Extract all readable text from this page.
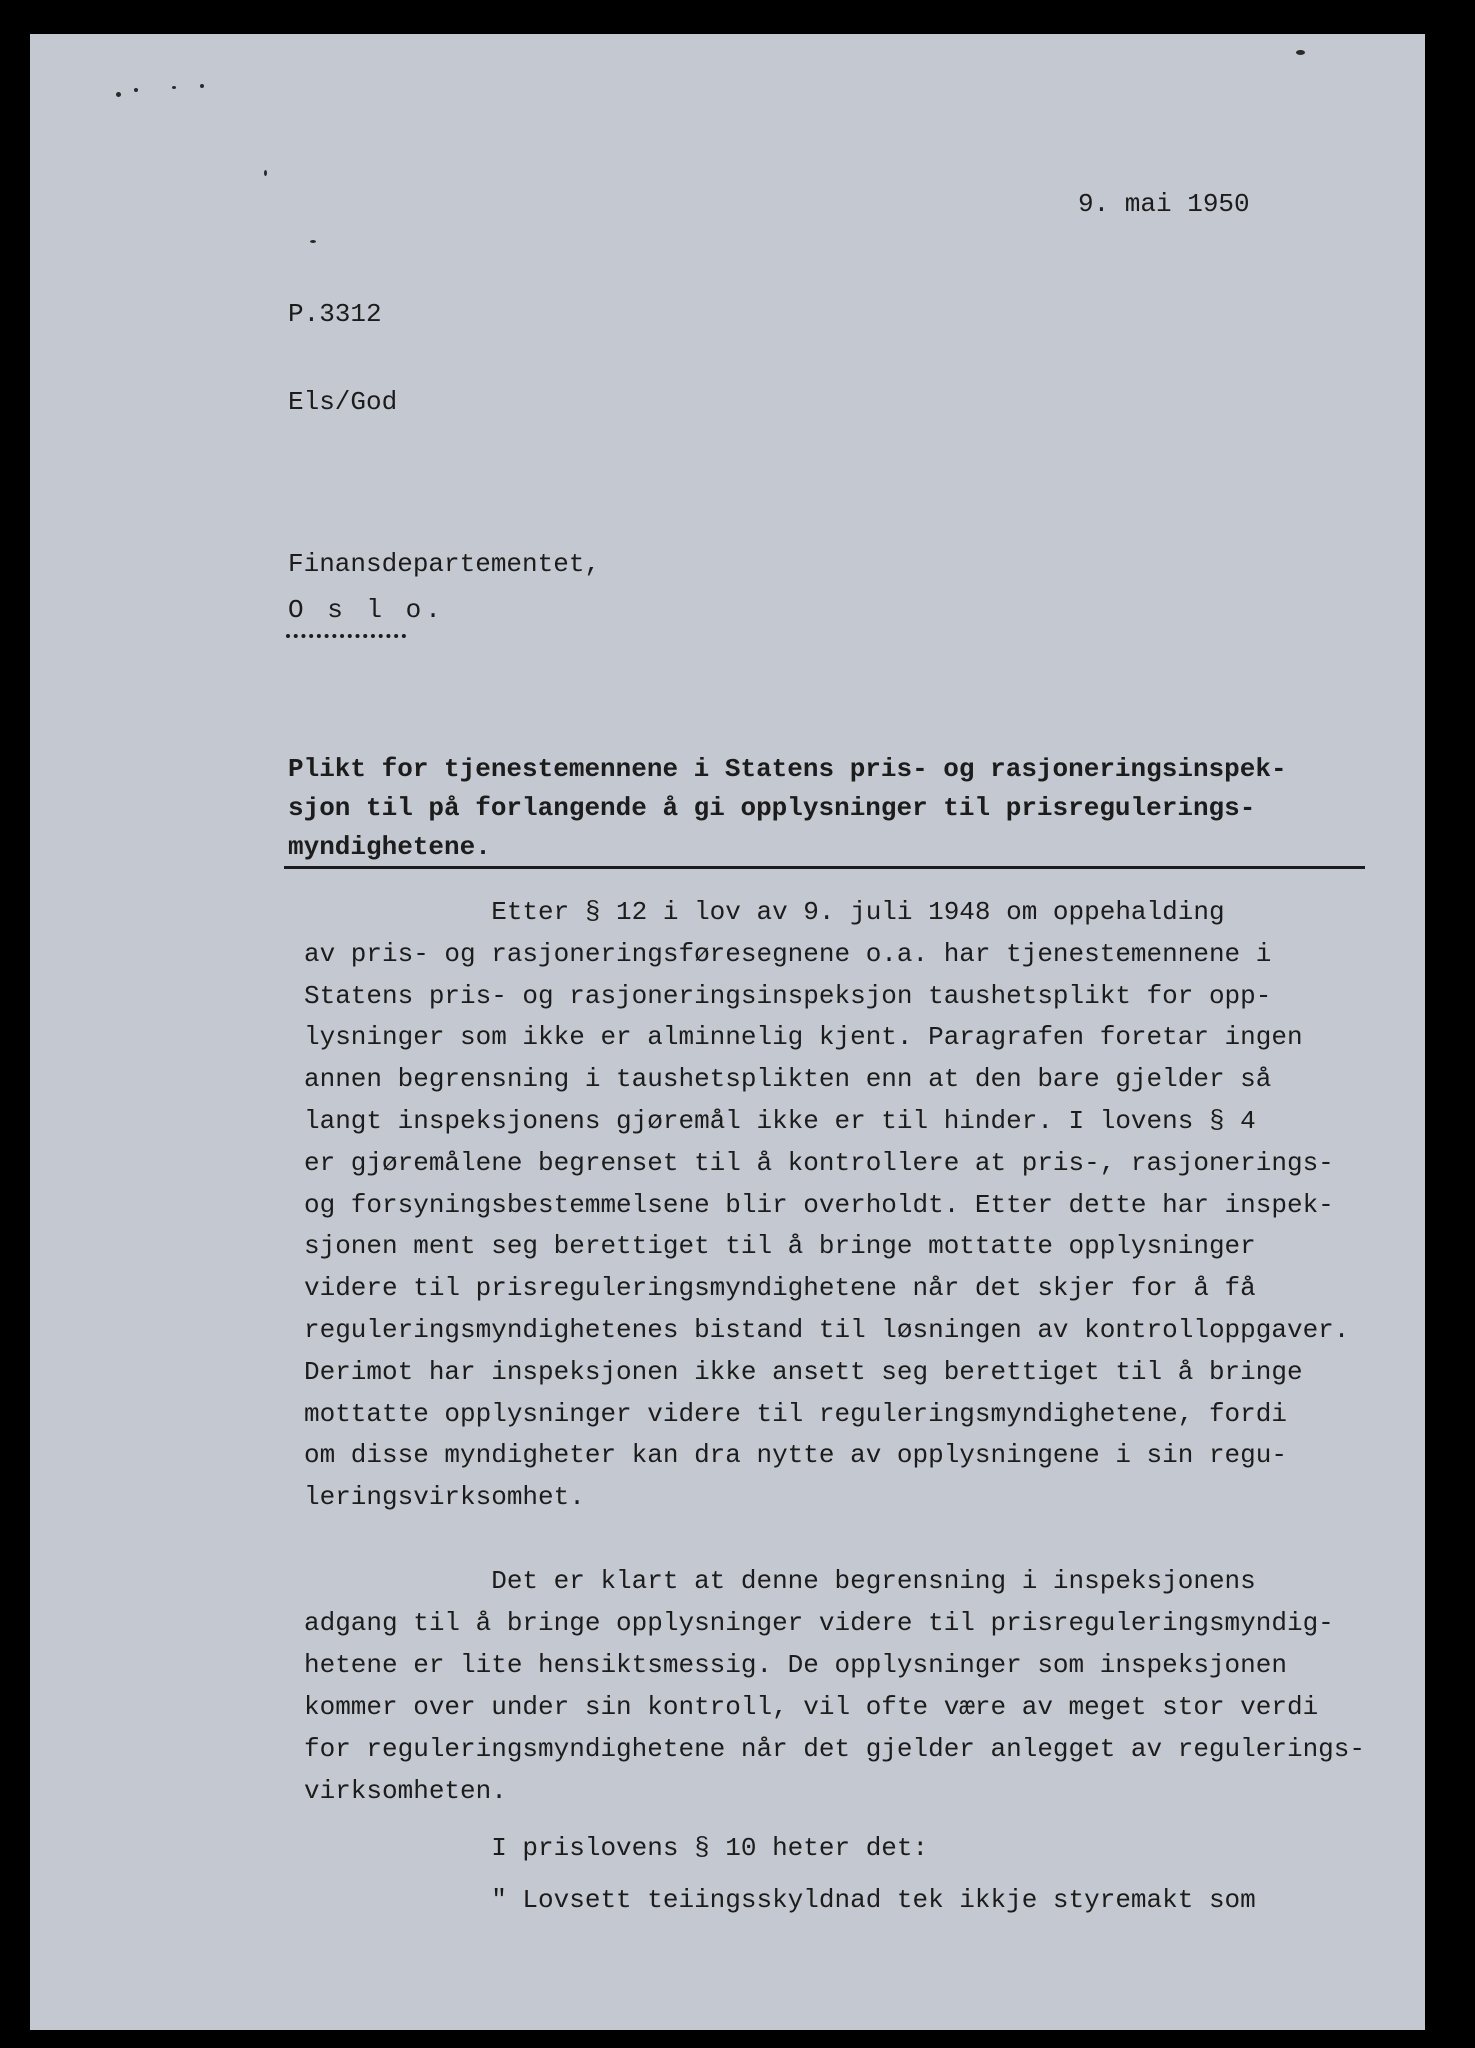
9. mai 1950

P.3312

Els/God

Finansdepartementet,

O s l o.

Plikt for tjenestemennene i Statens pris- og rasjoneringsinspek-
sjon til på forlangende å gi opplysninger til prisregulerings-
myndighetene.

Etter § 12 i lov av 9. juli 1948 om oppehalding
av pris- og rasjoneringsføresegnene o.a. har tjenestemennene i
Statens pris- og rasjoneringsinspeksjon taushetsplikt for opp-
lysninger som ikke er alminnelig kjent. Paragrafen foretar ingen
annen begrensning i taushetsplikten enn at den bare gjelder så
langt inspeksjonens gjøremål ikke er til hinder. I lovens § 4
er gjøremålene begrenset til å kontrollere at pris-, rasjonerings-
og forsyningsbestemmelsene blir overholdt. Etter dette har inspek-
sjonen ment seg berettiget til å bringe mottatte opplysninger
videre til prisreguleringsmyndighetene når det skjer for å få
reguleringsmyndighetenes bistand til løsningen av kontrolloppgaver.
Derimot har inspeksjonen ikke ansett seg berettiget til å bringe
mottatte opplysninger videre til reguleringsmyndighetene, fordi
om disse myndigheter kan dra nytte av opplysningene i sin regu-
leringsvirksomhet.

Det er klart at denne begrensning i inspeksjonens
adgang til å bringe opplysninger videre til prisreguleringsmyndig-
hetene er lite hensiktsmessig. De opplysninger som inspeksjonen
kommer over under sin kontroll, vil ofte være av meget stor verdi
for reguleringsmyndighetene når det gjelder anlegget av regulerings-
virksomheten.

I prislovens § 10 heter det:

" Lovsett teiingsskyldnad tek ikkje styremakt som
